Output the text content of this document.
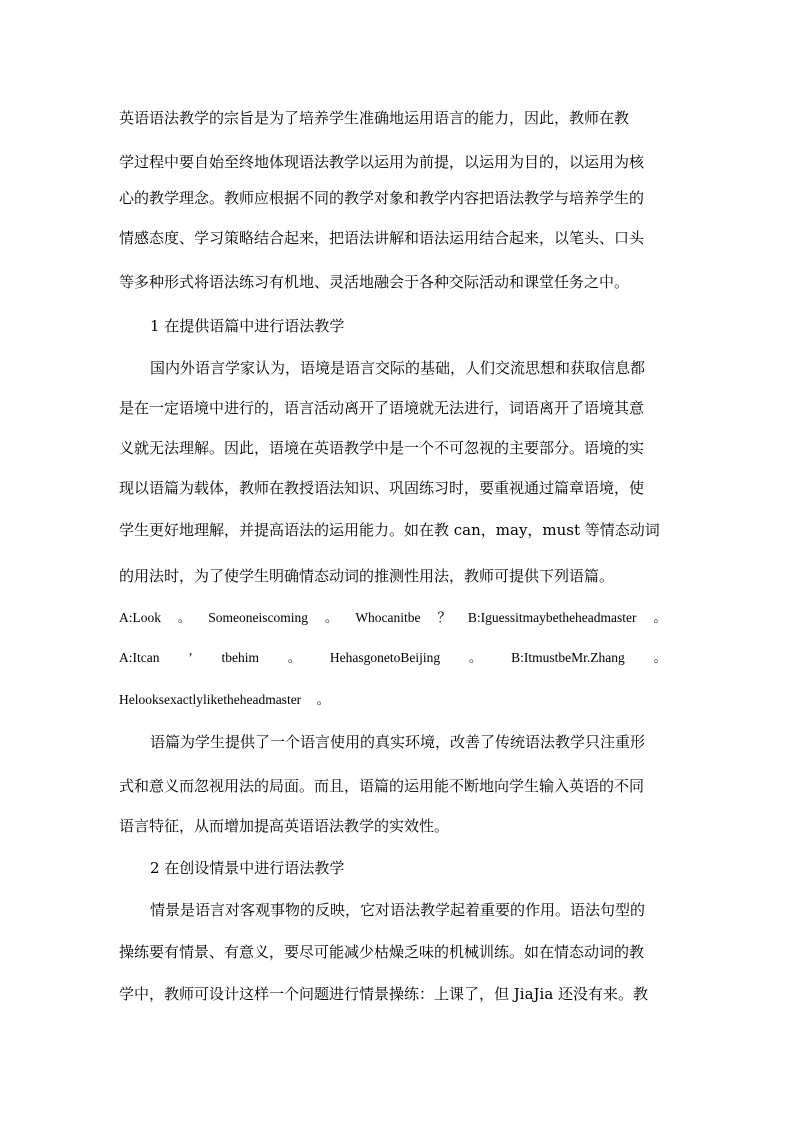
英语语法教学的宗旨是为了培养学生准确地运用语言的能力，因此，教师在教
学过程中要自始至终地体现语法教学以运用为前提，以运用为目的，以运用为核
心的教学理念。教师应根据不同的教学对象和教学内容把语法教学与培养学生的
情感态度、学习策略结合起来，把语法讲解和语法运用结合起来，以笔头、口头
等多种形式将语法练习有机地、灵活地融会于各种交际活动和课堂任务之中。
1 在提供语篇中进行语法教学
国内外语言学家认为，语境是语言交际的基础，人们交流思想和获取信息都
是在一定语境中进行的，语言活动离开了语境就无法进行，词语离开了语境其意
义就无法理解。因此，语境在英语教学中是一个不可忽视的主要部分。语境的实
现以语篇为载体，教师在教授语法知识、巩固练习时，要重视通过篇章语境，使
学生更好地理解，并提高语法的运用能力。如在教 can，may，must 等情态动词
的用法时，为了使学生明确情态动词的推测性用法，教师可提供下列语篇。
A:Look 。 Someoneiscoming 。 Whocanitbe ？ B:Iguessitmaybetheheadmaster 。
A:Itcan ’ tbehim 。 HehasgonetoBeijing 。 B:ItmustbeMr.Zhang 。
Helooksexactlyliketheheadmaster 。
语篇为学生提供了一个语言使用的真实环境，改善了传统语法教学只注重形
式和意义而忽视用法的局面。而且，语篇的运用能不断地向学生输入英语的不同
语言特征，从而增加提高英语语法教学的实效性。
2 在创设情景中进行语法教学
情景是语言对客观事物的反映，它对语法教学起着重要的作用。语法句型的
操练要有情景、有意义，要尽可能减少枯燥乏味的机械训练。如在情态动词的教
学中，教师可设计这样一个问题进行情景操练：上课了，但 JiaJia 还没有来。教
